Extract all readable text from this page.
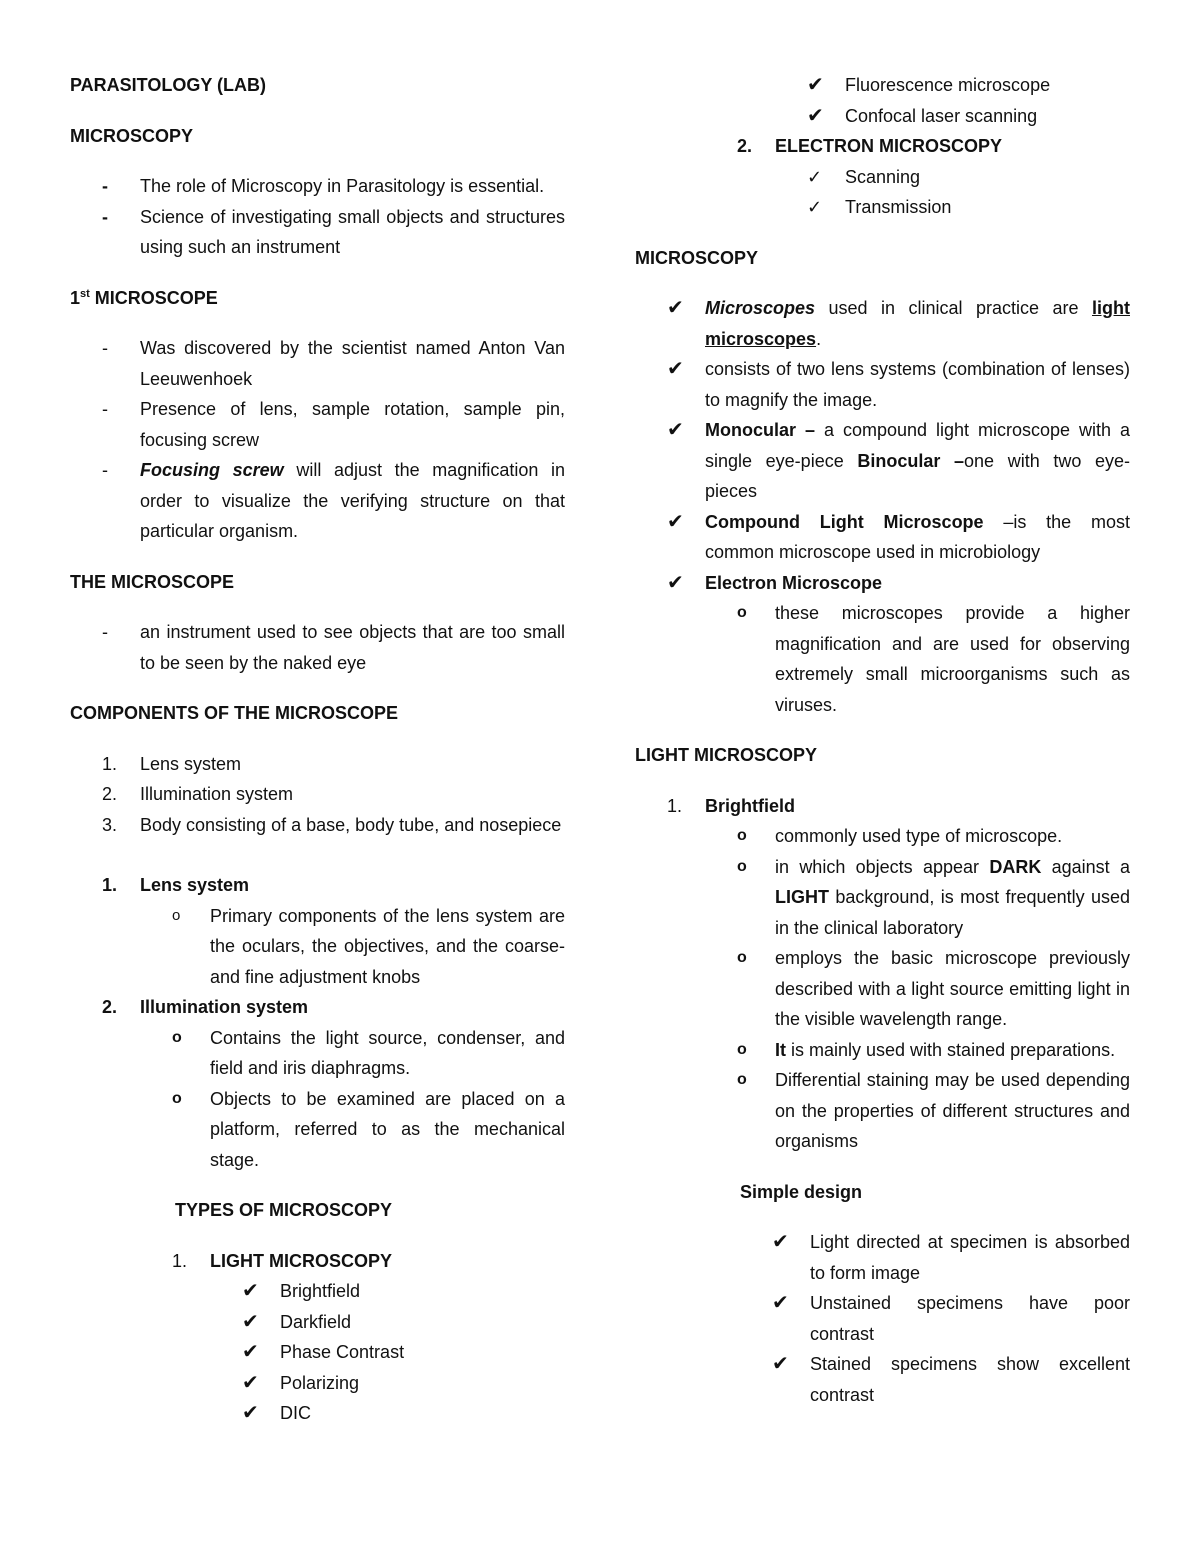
PARASITOLOGY (LAB)

MICROSCOPY

-	The role of Microscopy in Parasitology is essential.
-	Science of investigating small objects and structures using such an instrument

1st MICROSCOPE

-	Was discovered by the scientist named Anton Van Leeuwenhoek
-	Presence of lens, sample rotation, sample pin, focusing screw
-	Focusing screw will adjust the magnification in order to visualize the verifying structure on that particular organism.

THE MICROSCOPE

-	an instrument used to see objects that are too small to be seen by the naked eye

COMPONENTS OF THE MICROSCOPE

1.	Lens system
2.	Illumination system
3.	Body consisting of a base, body tube, and nosepiece
1.	Lens system
o	Primary components of the lens system are the oculars, the objectives, and the coarse-and fine adjustment knobs
2.	Illumination system
o	Contains the light source, condenser, and field and iris diaphragms.
o	Objects to be examined are placed on a platform, referred to as the mechanical stage.

TYPES OF MICROSCOPY

1.	LIGHT MICROSCOPY
✔	Brightfield
✔	Darkfield
✔	Phase Contrast
✔	Polarizing
✔	DIC
✔	Fluorescence microscope
✔	Confocal laser scanning
2.	ELECTRON MICROSCOPY
✓	Scanning
✓	Transmission

MICROSCOPY

✔	Microscopes used in clinical practice are light microscopes.
✔	consists of two lens systems (combination of lenses) to magnify the image.
✔	Monocular – a compound light microscope with a single eye-piece Binocular –one with two eye-pieces
✔	Compound Light Microscope –is the most common microscope used in microbiology
✔	Electron Microscope
o	these microscopes provide a higher magnification and are used for observing extremely small microorganisms such as viruses.

LIGHT MICROSCOPY

1.	Brightfield
o	commonly used type of microscope.
o	in which objects appear DARK against a LIGHT background, is most frequently used in the clinical laboratory
o	employs the basic microscope previously described with a light source emitting light in the visible wavelength range.
o	It is mainly used with stained preparations.
o	Differential staining may be used depending on the properties of different structures and organisms

Simple design

✔	Light directed at specimen is absorbed to form image
✔	Unstained specimens have poor contrast
✔	Stained specimens show excellent contrast
